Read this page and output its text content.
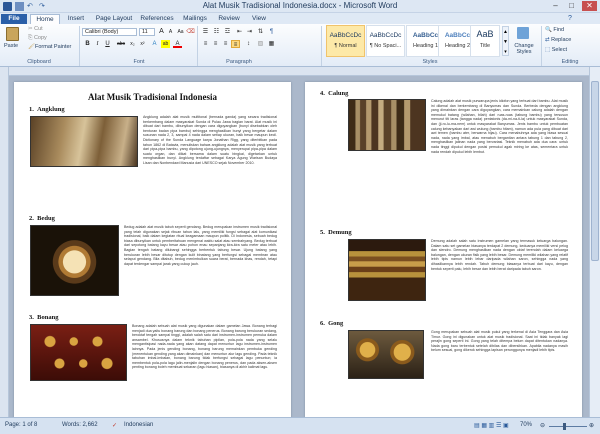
↶ ↷	Alat Musik Tradisional Indonesia.docx - Microsoft Word	–	□	✕
File	Home	Insert	Page Layout	References	Mailings	Review	View	?
Paste
✂ Cut
⎘ Copy
🖌Format Painter
Clipboard
Calibri (Body)	11	A	A	Aa ⌫
B	I	U	abc	x₂	x²	A	ab	A
Font
☰ ☷ ☲	⇤ ⇥ ⇅	¶
≡	≡	≡	≡	↕	▨ ▦
Paragraph
AaBbCcDc
¶ Normal
AaBbCcDc
¶ No Spaci...
AaBbCc
Heading 1
AaBbCc
Heading 2
AaB
Title
▲
▼
▾
Change Styles
Styles
🔍 Find
⇄ Replace
⬚ Select
Editing
Alat Musik Tradisional Indonesia
1. Angklung
Angklung adalah alat musik multitonal (bernada ganda) yang secara tradisional berkembang dalam masyarakat Sunda di Pulau Jawa bagian barat. Alat musik ini dibuat dari bambu, dibunyikan dengan cara digoyangkan (bunyi disebabkan oleh benturan badan pipa bambu) sehingga menghasilkan bunyi yang bergetar dalam susunan nada 2, 3, sampai 4 nada dalam setiap ukuran, baik besar maupun kecil. Dictionary of the Sunda Language karya Jonathan Rigg, yang diterbitkan pada tahun 1862 di Batavia, menuliskan bahwa angklung adalah alat musik yang terbuat dari pipa-pipa bambu, yang dipotong ujung-ujungnya, menyerupai pipa-pipa dalam suatu organ, dan diikat bersama dalam suatu bingkai, digetarkan untuk menghasilkan bunyi. Angklung terdaftar sebagai Karya Agung Warisan Budaya Lisan dan Nonbendawi Manusia dari UNESCO sejak November 2010.
2. Bedug
Bedug adalah alat musik tabuh seperti gendang. Bedug merupakan instrumen musik tradisional yang telah digunakan sejak ribuan tahun lalu, yang memiliki fungsi sebagai alat komunikasi tradisional, baik dalam kegiatan ritual keagamaan maupun politik. Di Indonesia, sebuah bedug biasa dibunyikan untuk pemberitahuan mengenai waktu salat atau sembahyang. Bedug terbuat dari sepotong batang kayu besar atau pohon enau sepanjang kira-kira satu meter atau lebih. Bagian tengah batang dilubangi sehingga berbentuk tabung besar. Ujung batang yang berukuran lebih besar ditutup dengan kulit binatang yang berfungsi sebagai membran atau selaput gendang. Bila ditabuh, bedug menimbulkan suara berat, bernada khas, rendah, tetapi dapat terdengar sampai jarak yang cukup jauh.
3. Bonang
Bonang adalah sebuah alat musik yang digunakan dalam gamelan Jawa. Bonang terbagi menjadi dua yaitu bonang barung dan bonang penerus. Bonang barung berukuran sedang, beroktaf tengah sampai tinggi, adalah salah satu dari instrumen-instrumen pemuka dalam ansambel. Khususnya dalam teknik tabuhan pipilan, pola-pola nada yang selalu mengantisipasi nada-nada yang akan datang dapat menuntun lagu instrumen-instrumen lainnya. Pada jenis gending bonang, bonang barung memainkan pembuka gending (menentukan gending yang akan dimainkan) dan menuntun alur lagu gending. Pada teknik tabuhan imbal-imbalan, bonang barung tidak berfungsi sebagai lagu penuntun; ia membentuk pola-pola lagu jalin-menjalin dengan bonang penerus, dan pada aksen-aksen penting bonang boleh membuat sekaran (lagu hiasan), biasanya di akhir kalimat lagu.
4. Calung
Calung adalah alat musik purwarupa jenis idiofon yang terbuat dari bambu. Alat musik ini dikenal dan berkembang di Banyumas dan Sunda. Berbeda dengan angklung yang dimainkan dengan cara digoyangkan, cara memainkan calung adalah dengan memukul batang (wilahan, bilah) dari ruas-ruas (tabung bambu) yang tersusun menurut titi laras (tangga nada) pentatonis (da-mi-na-ti-la) untuk masyarakat Sunda, dan (ji-ro-lu-ma-nem) untuk masyarakat Banyumas. Jenis bambu untuk pembuatan calung kebanyakan dari awi wulung (bambu hitam), namun ada pula yang dibuat dari awi temen (bambu ater, berwarna hijau). Cara menabuhnya ada yang biasa sesuai nada, nada yang imbal, atau menabuh bergantian antara tabung 1 dan tabung 2, menghasilkan jalinan nada yang bervariasi. Teknik menabuh ada dua cara: untuk nada tinggi dipukul dengan posisi pemukul agak miring ke atas, sementara untuk nada rendah dipukul lebih lembut.
5. Demung
Demung adalah salah satu instrumen gamelan yang termasuk keluarga balungan. Dalam satu set gamelan biasanya terdapat 2 demung, keduanya memiliki versi pelog dan slendro. Demung menghasilkan nada dengan oktaf terendah dalam keluarga balungan, dengan ukuran fisik yang lebih besar. Demung memiliki wilahan yang relatif lebih tipis namun lebih lebar daripada wilahan saron, sehingga nada yang dihasilkannya lebih rendah. Tabuh demung biasanya terbuat dari kayu, dengan bentuk seperti palu, lebih besar dan lebih berat daripada tabuh saron.
6. Gong
Gong merupakan sebuah alat musik pukul yang terkenal di Asia Tenggara dan Asia Timur. Gong ini digunakan untuk alat musik tradisional. Saat ini tidak banyak lagi perajin gong seperti ini. Gong yang telah ditempa belum dapat ditentukan nadanya. Nada gong baru terbentuk setelah dibilas dan dibersihkan. Apabila nadanya masih belum sesuai, gong dikerok sehingga lapisan perunggunya menjadi lebih tipis.
Page: 1 of 8	Words: 2,662 ✓ Indonesian	▤ ▦ ▥ ☰ ▣ 70% ⊖	⊕
